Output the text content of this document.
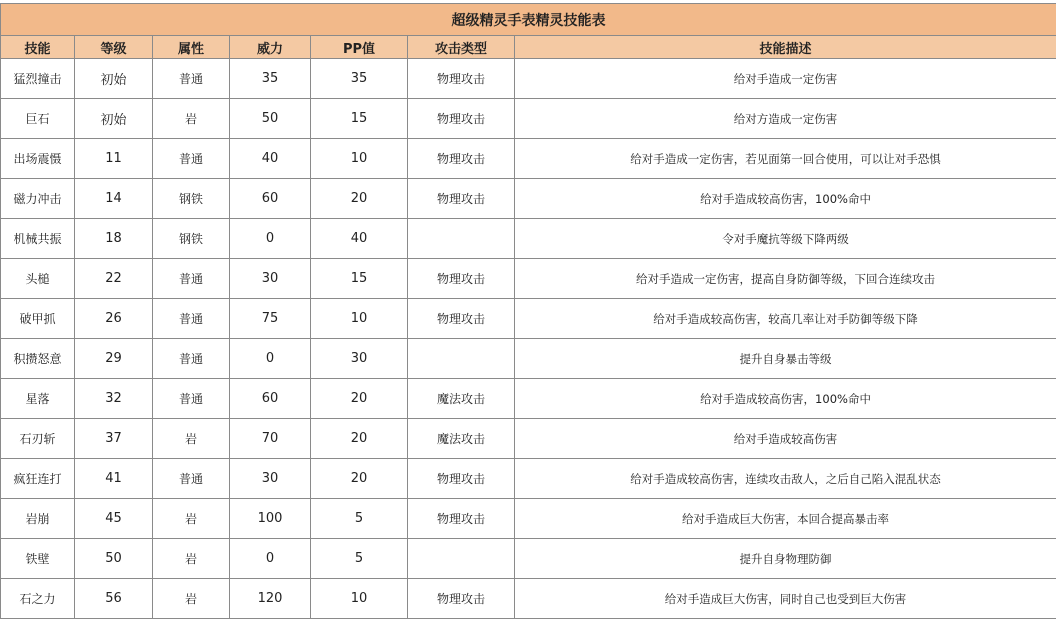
超级精灵手表精灵技能表						
技能	等级	属性	威力	PP值	攻击类型	技能描述
猛烈撞击	初始	普通	35	35	物理攻击	给对手造成一定伤害
巨石	初始	岩	50	15	物理攻击	给对方造成一定伤害
出场震慑	11	普通	40	10	物理攻击	给对手造成一定伤害，若见面第一回合使用，可以让对手恐惧
磁力冲击	14	钢铁	60	20	物理攻击	给对手造成较高伤害，100%命中
机械共振	18	钢铁	0	40		令对手魔抗等级下降两级
头槌	22	普通	30	15	物理攻击	给对手造成一定伤害，提高自身防御等级，下回合连续攻击
破甲抓	26	普通	75	10	物理攻击	给对手造成较高伤害，较高几率让对手防御等级下降
积攒怒意	29	普通	0	30		提升自身暴击等级
星落	32	普通	60	20	魔法攻击	给对手造成较高伤害，100%命中
石刃斩	37	岩	70	20	魔法攻击	给对手造成较高伤害
疯狂连打	41	普通	30	20	物理攻击	给对手造成较高伤害，连续攻击敌人，之后自己陷入混乱状态
岩崩	45	岩	100	5	物理攻击	给对手造成巨大伤害，本回合提高暴击率
铁壁	50	岩	0	5		提升自身物理防御
石之力	56	岩	120	10	物理攻击	给对手造成巨大伤害，同时自己也受到巨大伤害
